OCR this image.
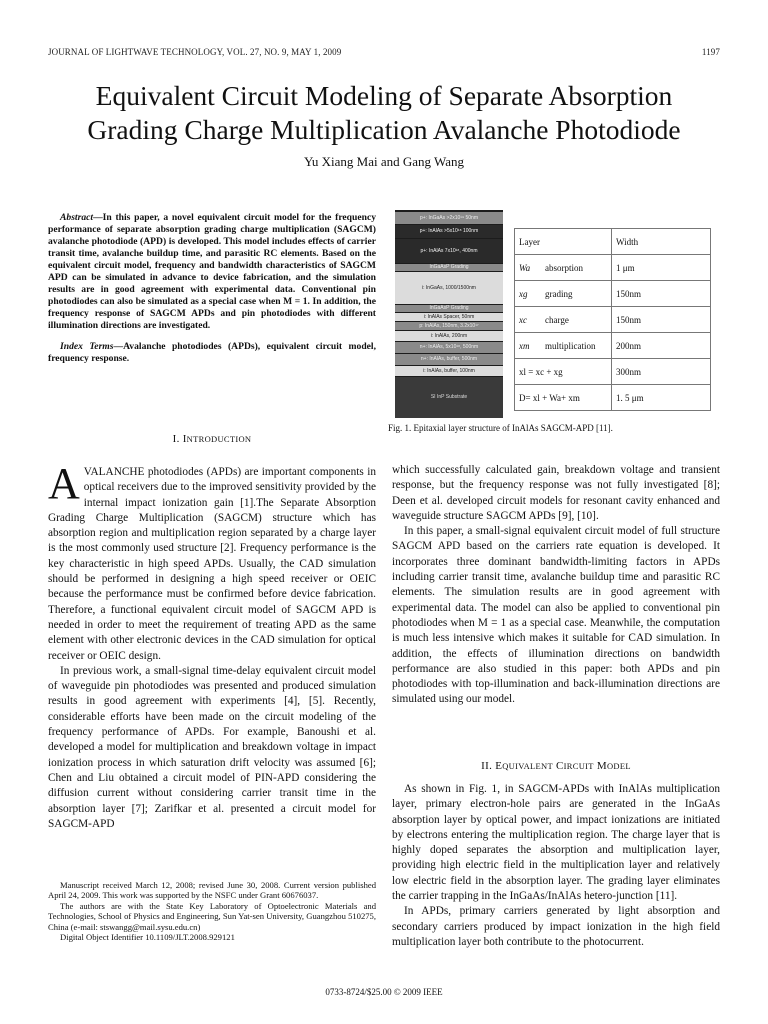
JOURNAL OF LIGHTWAVE TECHNOLOGY, VOL. 27, NO. 9, MAY 1, 2009	1197
Equivalent Circuit Modeling of Separate Absorption
Grading Charge Multiplication Avalanche Photodiode
Yu Xiang Mai and Gang Wang

Abstract—In this paper, a novel equivalent circuit model for the frequency performance of separate absorption grading charge multiplication (SAGCM) avalanche photodiode (APD) is developed. This model includes effects of carrier transit time, avalanche buildup time, and parasitic RC elements. Based on the equivalent circuit model, frequency and bandwidth characteristics of SAGCM APD can be simulated in advance to device fabrication, and the simulation results are in good agreement with experimental data. Conventional pin photodiodes can also be simulated as a special case when M = 1. In addition, the frequency response of SAGCM APDs and pin photodiodes with different illumination directions are investigated.

Index Terms—Avalanche photodiodes (APDs), equivalent circuit model, frequency response.

p+: InGaAs >2x10¹⁹ 50nm
p+: InAlAs >5x10¹⁸ 100nm
p+: InAlAs 7x10¹⁸, 400nm
InGaAsP Grading
i: InGaAs, 1000/1500nm
InGaAsP Grading
i: InAlAs Spacer, 50nm
p: InAlAs, 150nm, 3.2x10¹⁷
i: InAlAs, 200nm
n+: InAlAs, 5x10¹⁸, 500nm
n+: InAlAs, buffer, 500nm
i: InAlAs, buffer, 100nm
SI InP Substrate
Layer	Width
Wa absorption	1 μm
xg grading	150nm
xc charge	150nm
xm multiplication	200nm
xl = xc + xg	300nm
D= xl + Wa+ xm	1. 5 μm
Fig. 1. Epitaxial layer structure of InAlAs SAGCM-APD [11].
I. INTRODUCTION

AVALANCHE photodiodes (APDs) are important components in optical receivers due to the improved sensitivity provided by the internal impact ionization gain [1].The Separate Absorption Grading Charge Multiplication (SAGCM) structure which has absorption region and multiplication region separated by a charge layer is the most commonly used structure [2]. Frequency performance is the key characteristic in high speed APDs. Usually, the CAD simulation should be performed in designing a high speed receiver or OEIC because the performance must be confirmed before device fabrication. Therefore, a functional equivalent circuit model of SAGCM APD is needed in order to meet the requirement of treating APD as the same element with other electronic devices in the CAD simulation for optical receiver or OEIC design.

In previous work, a small-signal time-delay equivalent circuit model of waveguide pin photodiodes was presented and produced simulation results in good agreement with experiments [4], [5]. Recently, considerable efforts have been made on the circuit modeling of the frequency performance of APDs. For example, Banoushi et al. developed a model for multiplication and breakdown voltage in impact ionization process in which saturation drift velocity was assumed [6]; Chen and Liu obtained a circuit model of PIN-APD considering the diffusion current without considering carrier transit time in the absorption layer [7]; Zarifkar et al. presented a circuit model for SAGCM-APD

Manuscript received March 12, 2008; revised June 30, 2008. Current version published April 24, 2009. This work was supported by the NSFC under Grant 60676037.

The authors are with the State Key Laboratory of Optoelectronic Materials and Technologies, School of Physics and Engineering, Sun Yat-sen University, Guangzhou 510275, China (e-mail: stswangg@mail.sysu.edu.cn)

Digital Object Identifier 10.1109/JLT.2008.929121

which successfully calculated gain, breakdown voltage and transient response, but the frequency response was not fully investigated [8]; Deen et al. developed circuit models for resonant cavity enhanced and waveguide structure SAGCM APDs [9], [10].

In this paper, a small-signal equivalent circuit model of full structure SAGCM APD based on the carriers rate equation is developed. It incorporates three dominant bandwidth-limiting factors in APDs including carrier transit time, avalanche buildup time and parasitic RC elements. The simulation results are in good agreement with experimental data. The model can also be applied to conventional pin photodiodes when M = 1 as a special case. Meanwhile, the computation is much less intensive which makes it suitable for CAD simulation. In addition, the effects of illumination directions on bandwidth performance are also studied in this paper: both APDs and pin photodiodes with top-illumination and back-illumination directions are simulated using our model.

II. EQUIVALENT CIRCUIT MODEL

As shown in Fig. 1, in SAGCM-APDs with InAlAs multiplication layer, primary electron-hole pairs are generated in the InGaAs absorption layer by optical power, and impact ionizations are initiated by electrons entering the multiplication region. The charge layer that is highly doped separates the absorption and multiplication layer, providing high electric field in the multiplication layer and relatively low electric field in the absorption layer. The grading layer eliminates the carrier trapping in the InGaAs/InAlAs hetero-junction [11].

In APDs, primary carriers generated by light absorption and secondary carriers produced by impact ionization in the high field multiplication layer both contribute to the photocurrent.

0733-8724/$25.00 © 2009 IEEE
